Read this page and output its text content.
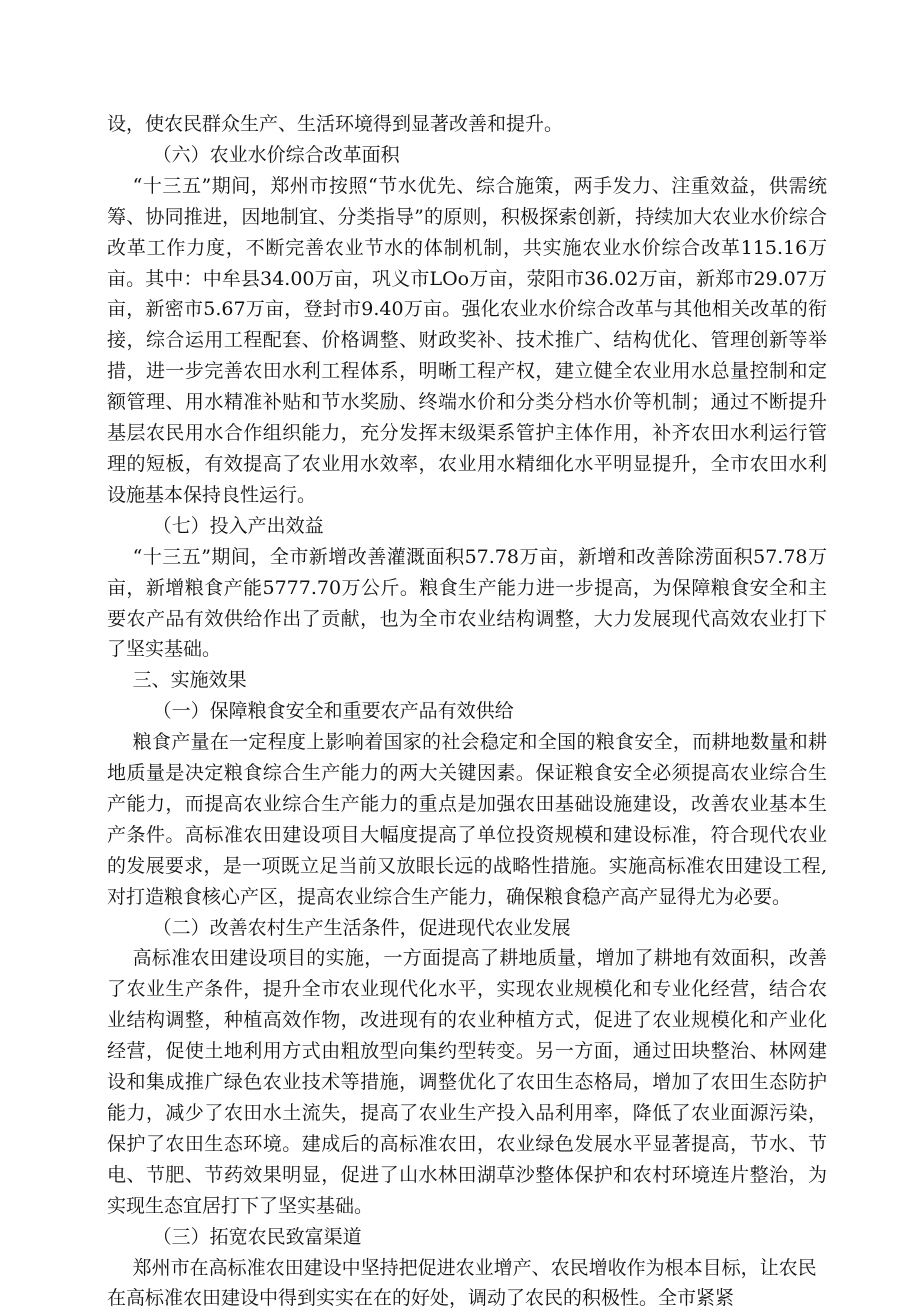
设，使农民群众生产、生活环境得到显著改善和提升。

（六）农业水价综合改革面积

“十三五”期间，郑州市按照“节水优先、综合施策，两手发力、注重效益，供需统筹、协同推进，因地制宜、分类指导”的原则，积极探索创新，持续加大农业水价综合改革工作力度，不断完善农业节水的体制机制，共实施农业水价综合改革115.16万亩。其中：中牟县34.00万亩，巩义市LOo万亩，荥阳市36.02万亩，新郑市29.07万亩，新密市5.67万亩，登封市9.40万亩。强化农业水价综合改革与其他相关改革的衔接，综合运用工程配套、价格调整、财政奖补、技术推广、结构优化、管理创新等举措，进一步完善农田水利工程体系，明晰工程产权，建立健全农业用水总量控制和定额管理、用水精准补贴和节水奖励、终端水价和分类分档水价等机制；通过不断提升基层农民用水合作组织能力，充分发挥末级渠系管护主体作用，补齐农田水利运行管理的短板，有效提高了农业用水效率，农业用水精细化水平明显提升，全市农田水利设施基本保持良性运行。

（七）投入产出效益

“十三五”期间，全市新增改善灌溉面积57.78万亩，新增和改善除涝面积57.78万亩，新增粮食产能5777.70万公斤。粮食生产能力进一步提高，为保障粮食安全和主要农产品有效供给作出了贡献，也为全市农业结构调整，大力发展现代高效农业打下了坚实基础。

三、实施效果

（一）保障粮食安全和重要农产品有效供给

粮食产量在一定程度上影响着国家的社会稳定和全国的粮食安全，而耕地数量和耕地质量是决定粮食综合生产能力的两大关键因素。保证粮食安全必须提高农业综合生产能力，而提高农业综合生产能力的重点是加强农田基础设施建设，改善农业基本生产条件。高标准农田建设项目大幅度提高了单位投资规模和建设标准，符合现代农业的发展要求，是一项既立足当前又放眼长远的战略性措施。实施高标准农田建设工程,对打造粮食核心产区，提高农业综合生产能力，确保粮食稳产高产显得尤为必要。

（二）改善农村生产生活条件，促进现代农业发展

高标准农田建设项目的实施，一方面提高了耕地质量，增加了耕地有效面积，改善了农业生产条件，提升全市农业现代化水平，实现农业规模化和专业化经营，结合农业结构调整，种植高效作物，改进现有的农业种植方式，促进了农业规模化和产业化经营，促使土地利用方式由粗放型向集约型转变。另一方面，通过田块整治、林网建设和集成推广绿色农业技术等措施，调整优化了农田生态格局，增加了农田生态防护能力，减少了农田水土流失，提高了农业生产投入品利用率，降低了农业面源污染，保护了农田生态环境。建成后的高标准农田，农业绿色发展水平显著提高，节水、节电、节肥、节药效果明显，促进了山水林田湖草沙整体保护和农村环境连片整治，为实现生态宜居打下了坚实基础。

（三）拓宽农民致富渠道

郑州市在高标准农田建设中坚持把促进农业增产、农民增收作为根本目标，让农民在高标准农田建设中得到实实在在的好处，调动了农民的积极性。全市紧紧
